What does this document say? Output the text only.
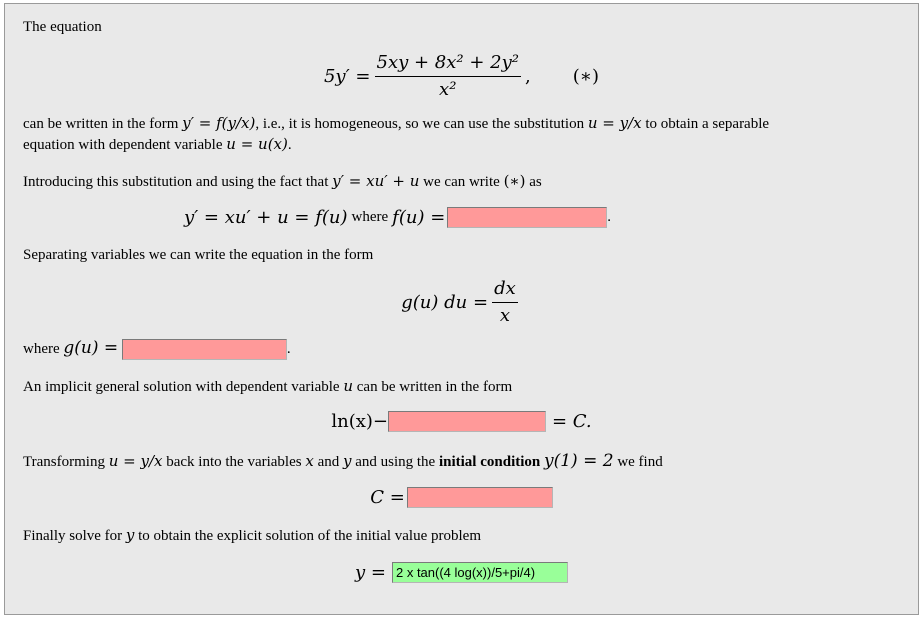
The equation
$5y' = \frac{\text{5xy + 8x² + 2y²}}{\text{x²}}$ , (∗)
can be written in the form y′ = f(y/x), i.e., it is homogeneous, so we can use the substitution u = y/x to obtain a separable
equation with dependent variable u = u(x).
Introducing this substitution and using the fact that y′ = xu′ + u we can write (∗) as
y′ = xu′ + u = f(u) where f(u) =	.
Separating variables we can write the equation in the form
g(u) du = $\frac{dx}{x}$
where g(u) =	.
An implicit general solution with dependent variable u can be written in the form
ln(x)−	= C.
Transforming u = y/x back into the variables x and y and using the initial condition y(1) = 2 we find
C =
Finally solve for y to obtain the explicit solution of the initial value problem
y = 2 x tan((4 log(x))/5+pi/4)
